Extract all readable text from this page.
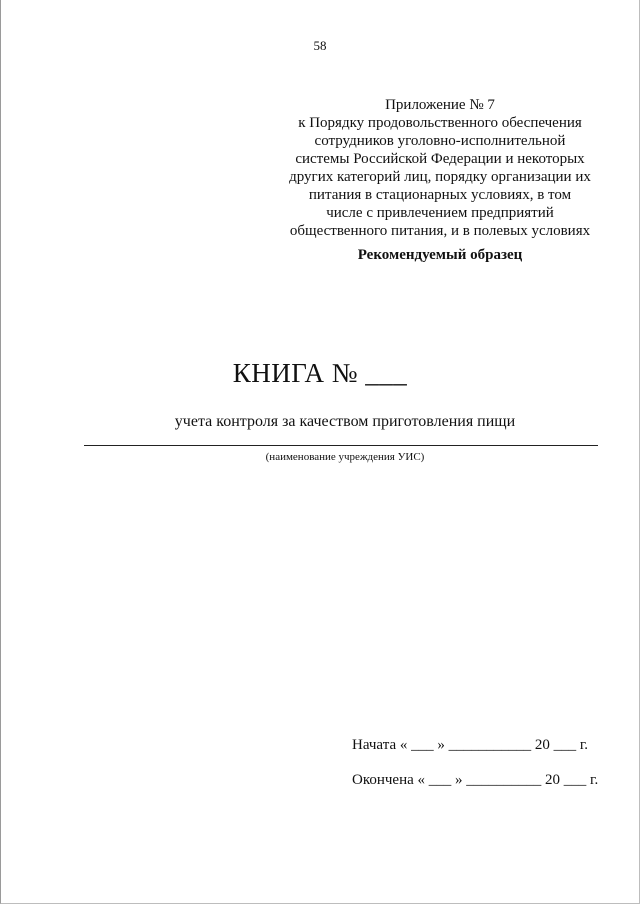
58
Приложение № 7
к Порядку продовольственного обеспечения
сотрудников уголовно-исполнительной
системы Российской Федерации и некоторых
других категорий лиц, порядку организации их
питания в стационарных условиях, в том
числе с привлечением предприятий
общественного питания, и в полевых условиях
Рекомендуемый образец
КНИГА № ___
учета контроля за качеством приготовления пищи
(наименование учреждения УИС)
Начата « ___ » ___________ 20 ___ г.
Окончена « ___ » __________ 20 ___ г.
